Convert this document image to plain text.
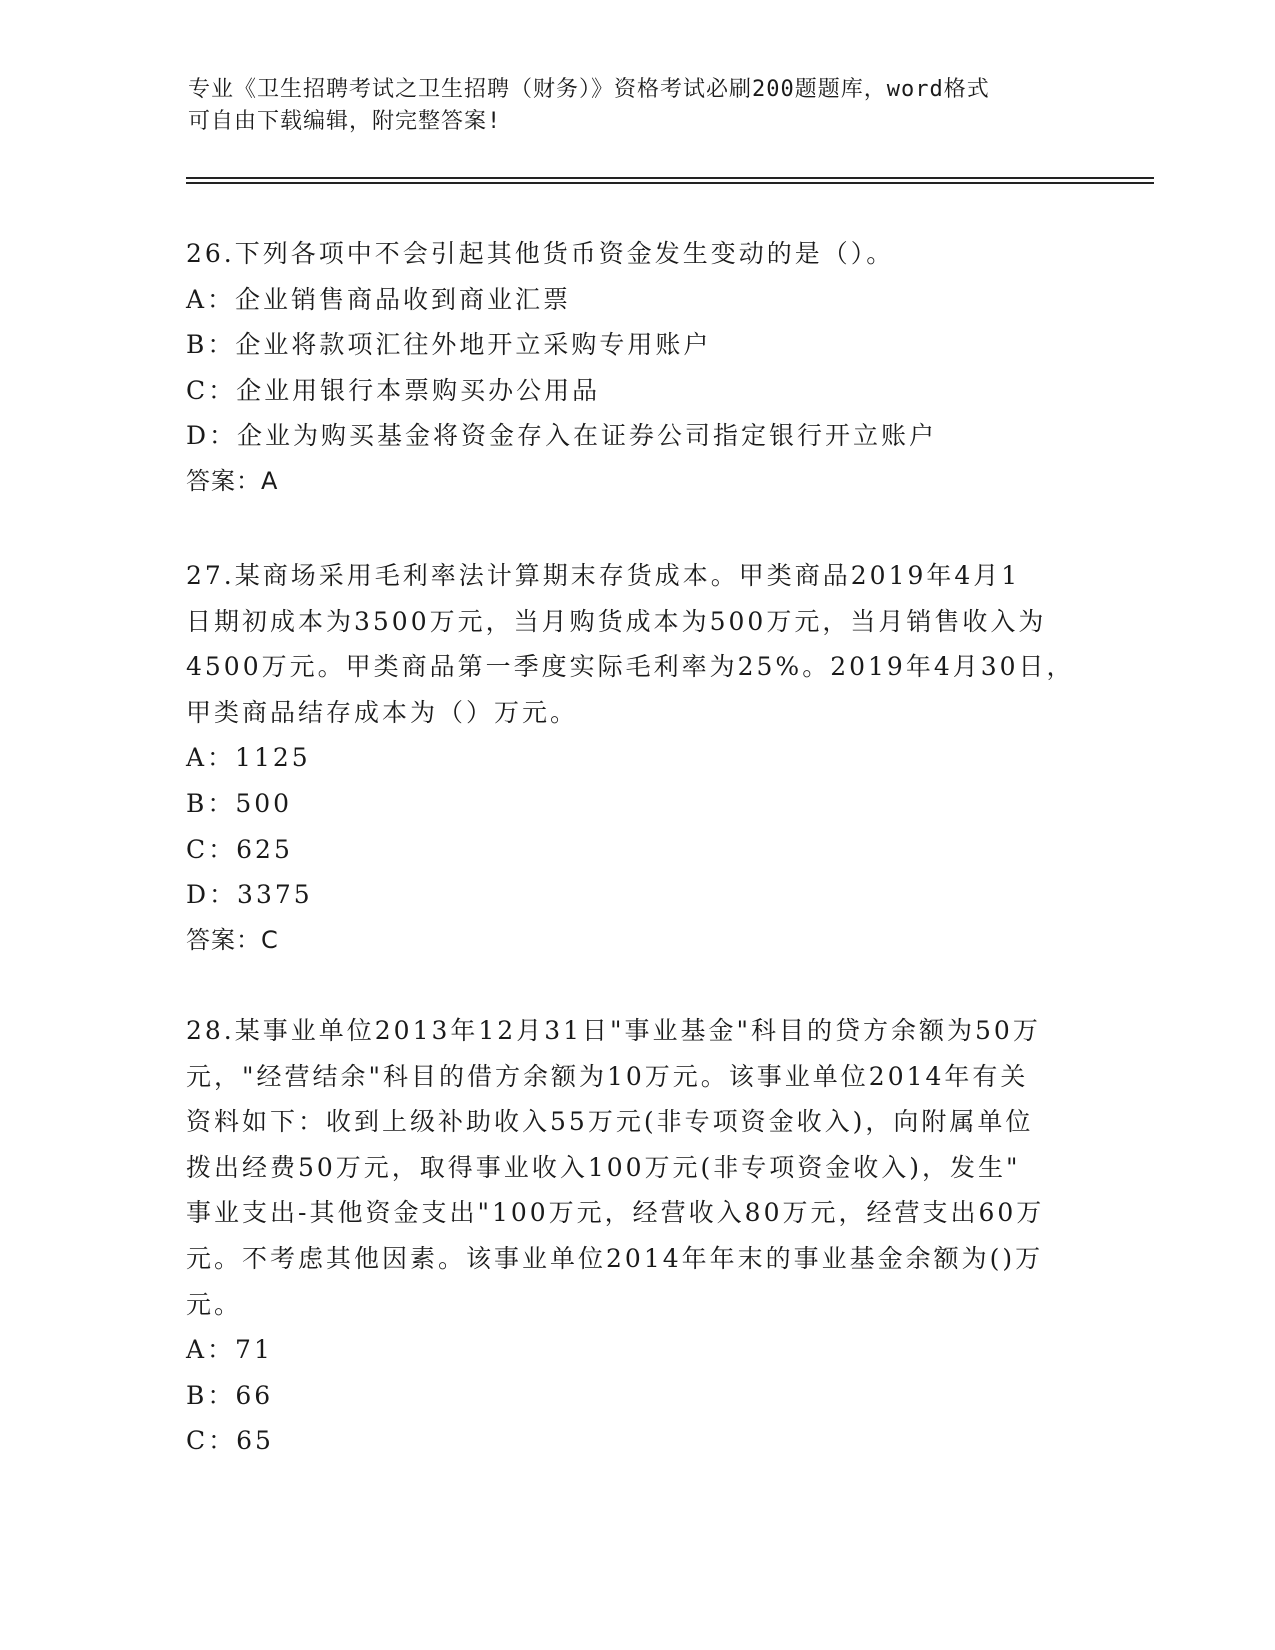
专业《卫生招聘考试之卫生招聘（财务）》资格考试必刷200题题库，word格式
可自由下载编辑，附完整答案!

26.下列各项中不会引起其他货币资金发生变动的是（）。

A：企业销售商品收到商业汇票

B：企业将款项汇往外地开立采购专用账户

C：企业用银行本票购买办公用品

D：企业为购买基金将资金存入在证券公司指定银行开立账户

答案：A

27.某商场采用毛利率法计算期末存货成本。甲类商品2019年4月1

日期初成本为3500万元，当月购货成本为500万元，当月销售收入为

4500万元。甲类商品第一季度实际毛利率为25%。2019年4月30日，

甲类商品结存成本为（）万元。

A：1125

B：500

C：625

D：3375

答案：C

28.某事业单位2013年12月31日"事业基金"科目的贷方余额为50万

元，"经营结余"科目的借方余额为10万元。该事业单位2014年有关

资料如下：收到上级补助收入55万元(非专项资金收入)，向附属单位

拨出经费50万元，取得事业收入100万元(非专项资金收入)，发生"

事业支出-其他资金支出"100万元，经营收入80万元，经营支出60万

元。不考虑其他因素。该事业单位2014年年末的事业基金余额为()万

元。

A：71

B：66

C：65
